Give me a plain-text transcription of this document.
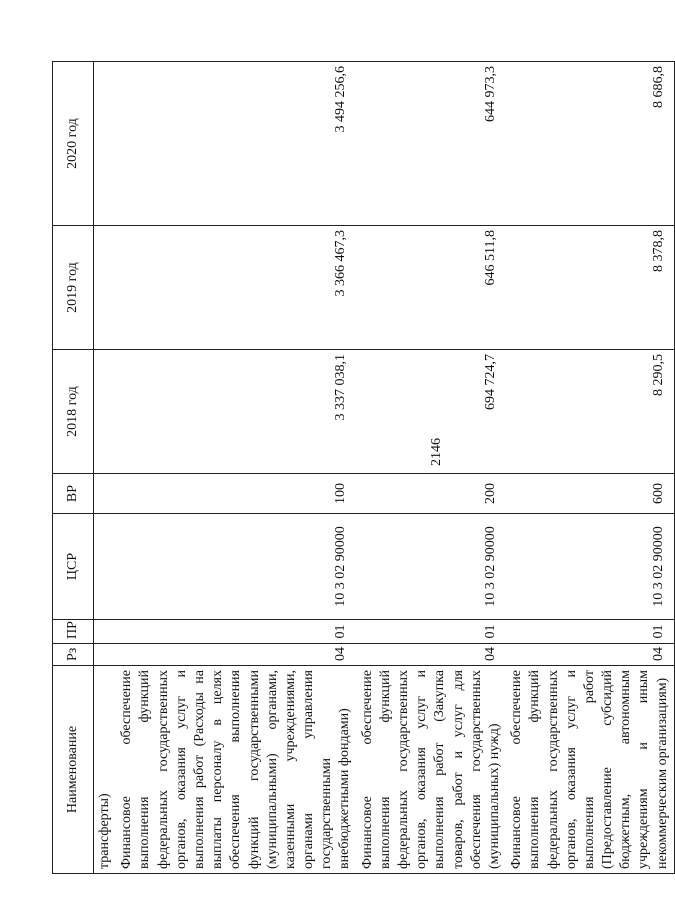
2146
Наименование	Рз	ПР	ЦСР	ВР	2018 год	2019 год	2020 год
трансферты)							
Финансовое обеспечение выполнения функций федеральных государственных органов, оказания услуг и выполнения работ (Расходы на выплаты персоналу в целях обеспечения выполнения функций государственными (муниципальными) органами, казенными учреждениями, органами управления государственными внебюджетными фондами)	04	01	10 3 02 90000	100	3 337 038,1	3 366 467,3	3 494 256,6
Финансовое обеспечение выполнения функций федеральных государственных органов, оказания услуг и выполнения работ (Закупка товаров, работ и услуг для обеспечения государственных (муниципальных) нужд)	04	01	10 3 02 90000	200	694 724,7	646 511,8	644 973,3
Финансовое обеспечение выполнения функций федеральных государственных органов, оказания услуг и выполнения работ (Предоставление субсидий бюджетным, автономным учреждениям и иным некоммерческим организациям)	04	01	10 3 02 90000	600	8 290,5	8 378,8	8 686,8
